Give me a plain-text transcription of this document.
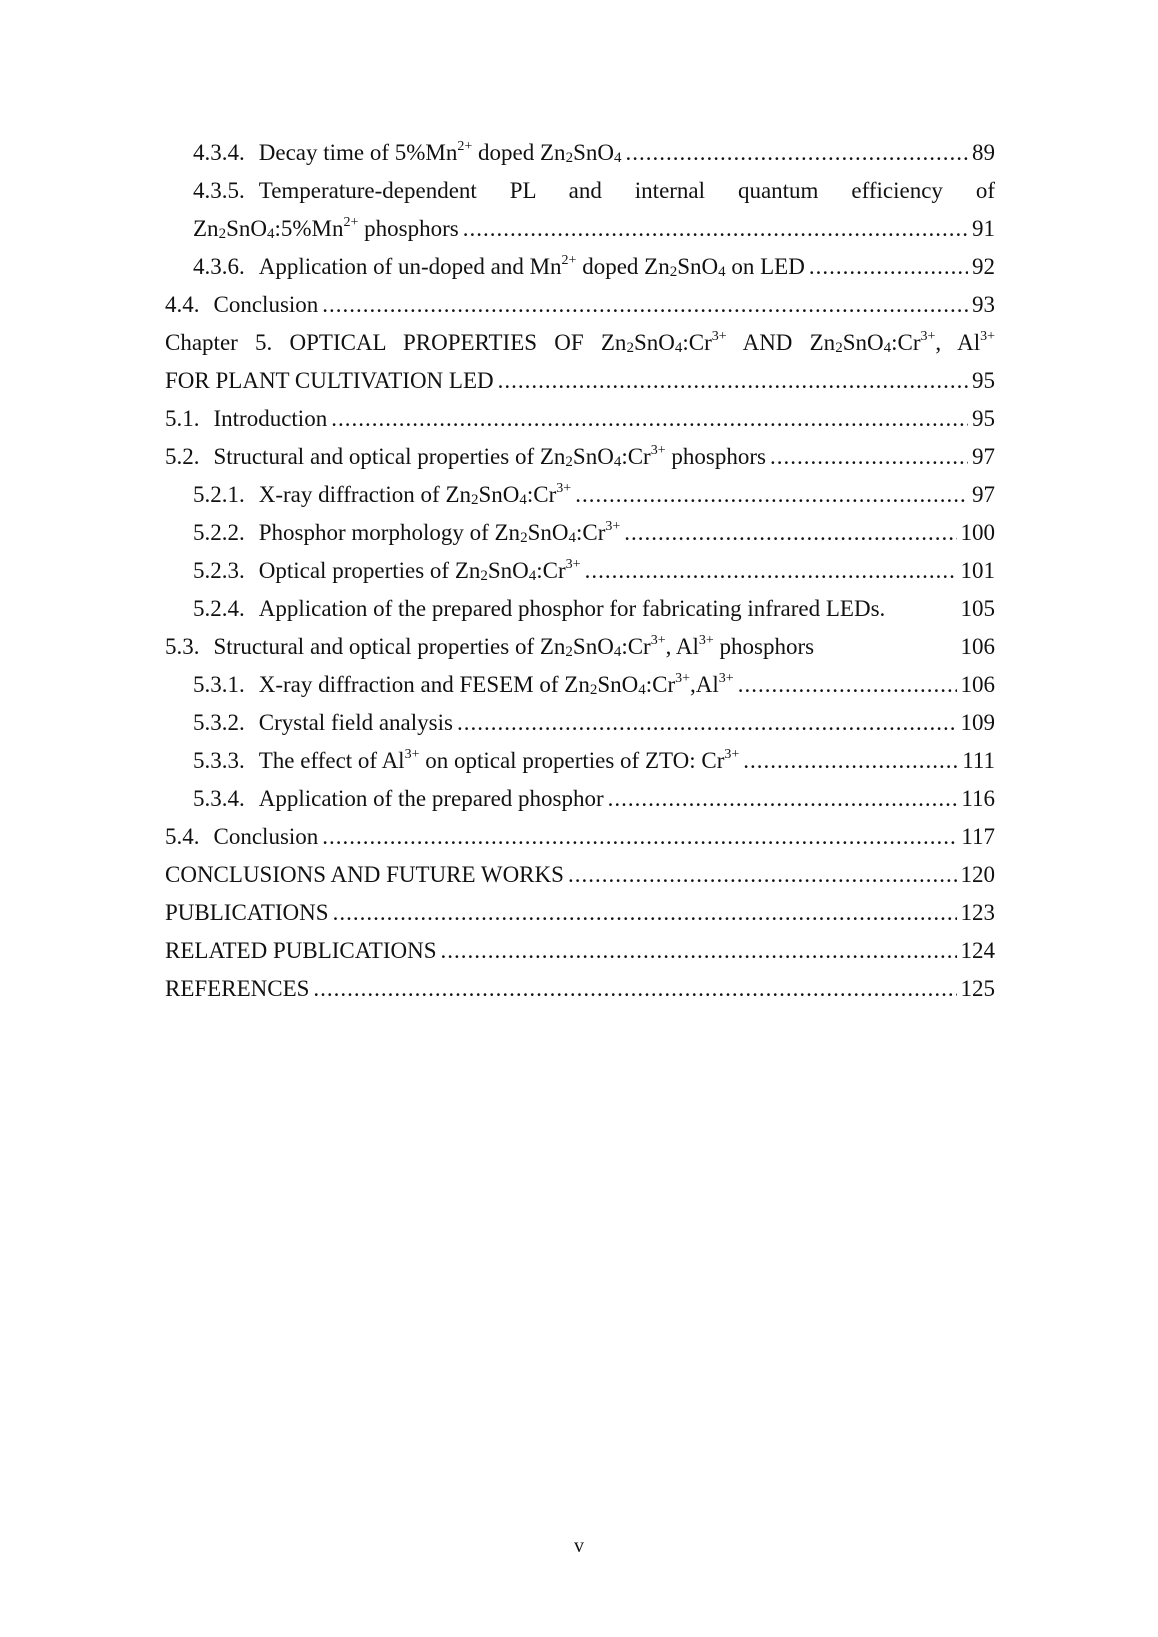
4.3.4. Decay time of $5\%Mn^{2+}$ doped $Zn_2SnO_4$ .....	89
4.3.5. Temperature-dependent PL and internal quantum efficiency of
$Zn_2SnO_4:5\%Mn^{2+}$ phosphors .....	91
4.3.6. Application of un-doped and $Mn^{2+}$ doped $Zn_2SnO_4$ on LED .....	92
4.4. Conclusion .....	93
Chapter 5. OPTICAL PROPERTIES OF $Zn_2SnO_4:Cr^{3+}$ AND $Zn_2SnO_4:Cr^{3+}$, $Al^{3+}$
FOR PLANT CULTIVATION LED .....	95
5.1. Introduction .....	95
5.2. Structural and optical properties of $Zn_2SnO_4:Cr^{3+}$ phosphors .....	97
5.2.1. X-ray diffraction of $Zn_2SnO_4:Cr^{3+}$ .....	97
5.2.2. Phosphor morphology of $Zn_2SnO_4:Cr^{3+}$ .....	100
5.2.3. Optical properties of $Zn_2SnO_4:Cr^{3+}$ .....	101
5.2.4. Application of the prepared phosphor for fabricating infrared LEDs.	105
5.3. Structural and optical properties of $Zn_2SnO_4:Cr^{3+}$, $Al^{3+}$ phosphors	106
5.3.1. X-ray diffraction and FESEM of $Zn_2SnO_4:Cr^{3+},Al^{3+}$ .....	106
5.3.2. Crystal field analysis .....	109
5.3.3. The effect of $Al^{3+}$ on optical properties of ZTO: $Cr^{3+}$ .....	111
5.3.4. Application of the prepared phosphor .....	116
5.4. Conclusion .....	117
CONCLUSIONS AND FUTURE WORKS .....	120
PUBLICATIONS .....	123
RELATED PUBLICATIONS .....	124
REFERENCES .....	125
v
